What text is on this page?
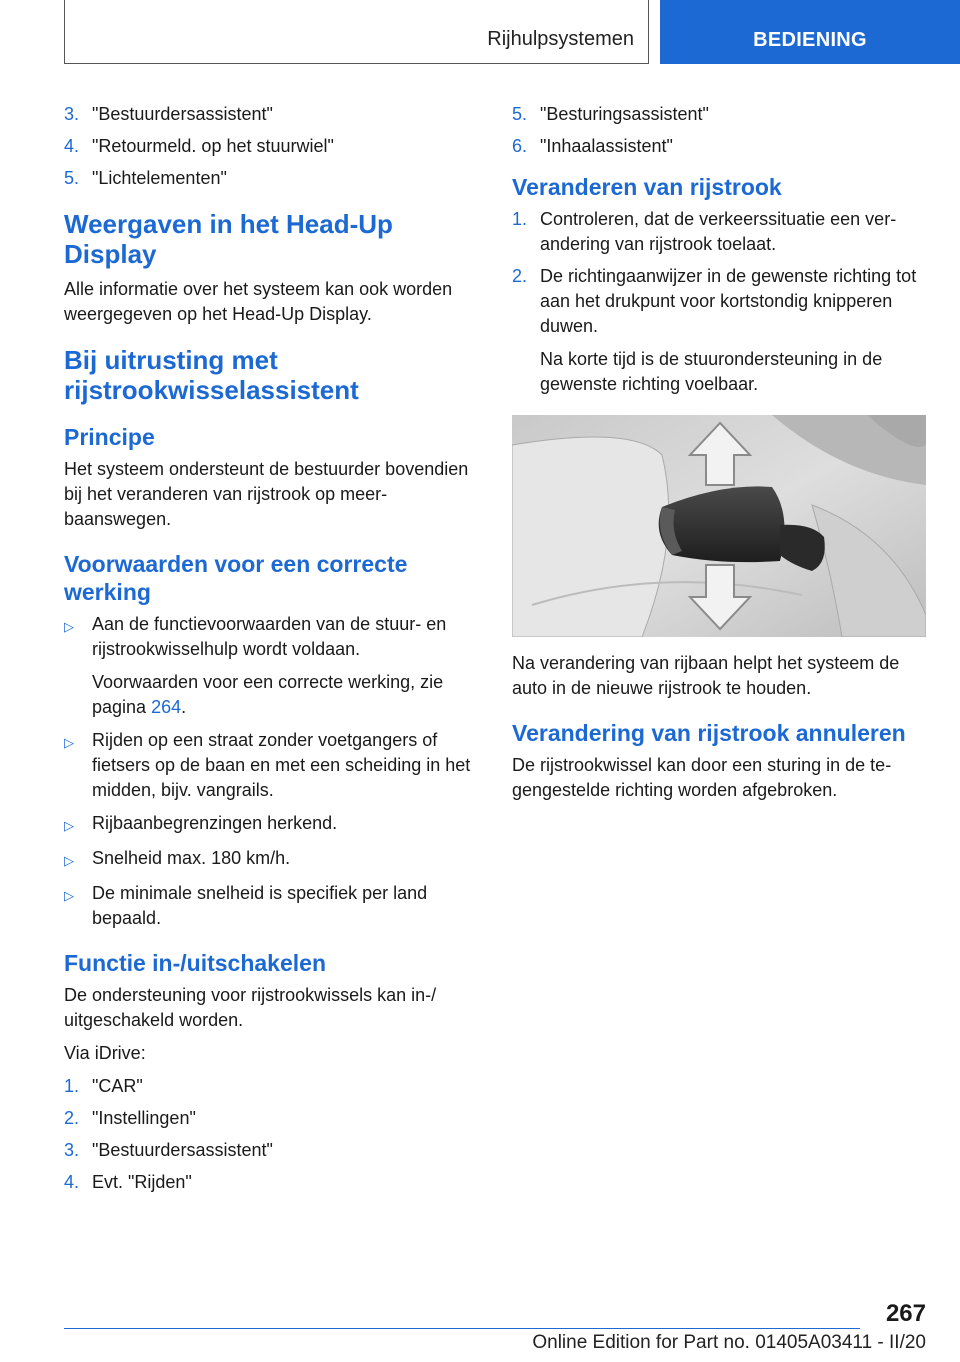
Rijhulpsystemen	BEDIENING
3. "Bestuurdersassistent"
4. "Retourmeld. op het stuurwiel"
5. "Lichtelementen"
Weergaven in het Head-Up Display

Alle informatie over het systeem kan ook worden weergegeven op het Head-Up Display.

Bij uitrusting met rijstrookwisselassistent
Principe

Het systeem ondersteunt de bestuurder bovendien bij het veranderen van rijstrook op meerbaanswegen.

Voorwaarden voor een correcte werking
▷	Aan de functievoorwaarden van de stuur- en rijstrookwisselhulp wordt voldaan.
Voorwaarden voor een correcte werking, zie pagina 264.
▷	Rijden op een straat zonder voetgangers of fietsers op de baan en met een scheiding in het midden, bijv. vangrails.
▷	Rijbaanbegrenzingen herkend.
▷	Snelheid max. 180 km/h.
▷	De minimale snelheid is specifiek per land bepaald.
Functie in-/uitschakelen

De ondersteuning voor rijstrookwissels kan in-/ uitgeschakeld worden.

Via iDrive:

1. "CAR"
2. "Instellingen"
3. "Bestuurdersassistent"
4. Evt. "Rijden"
5. "Besturingsassistent"
6. "Inhaalassistent"
Veranderen van rijstrook
1. Controleren, dat de verkeerssituatie een verandering van rijstrook toelaat.
2. De richtingaanwijzer in de gewenste richting tot aan het drukpunt voor kortstondig knipperen duwen.
Na korte tijd is de stuurondersteuning in de gewenste richting voelbaar.

Na verandering van rijbaan helpt het systeem de auto in de nieuwe rijstrook te houden.

Verandering van rijstrook annuleren

De rijstrookwissel kan door een sturing in de tegengestelde richting worden afgebroken.

267
Online Edition for Part no. 01405A03411 - II/20
